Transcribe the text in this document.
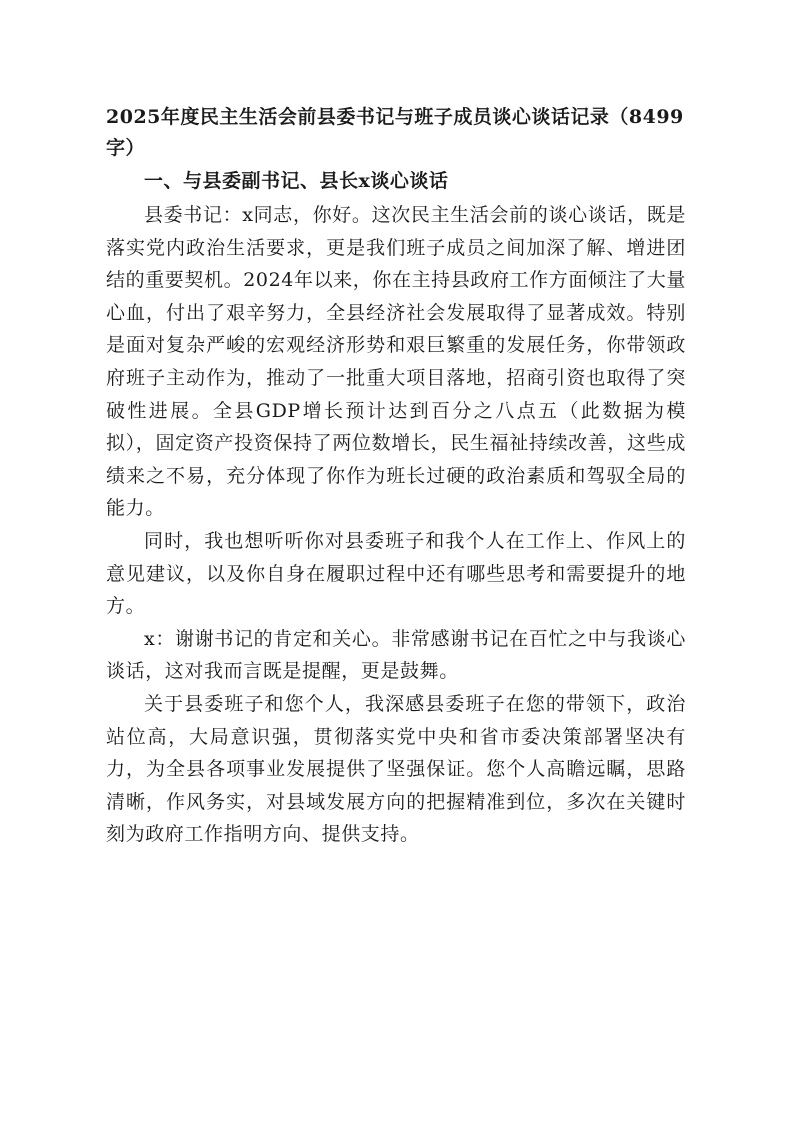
2025年度民主生活会前县委书记与班子成员谈心谈话记录（8499字）

一、与县委副书记、县长x谈心谈话

县委书记：x同志，你好。这次民主生活会前的谈心谈话，既是落实党内政治生活要求，更是我们班子成员之间加深了解、增进团结的重要契机。2024年以来，你在主持县政府工作方面倾注了大量心血，付出了艰辛努力，全县经济社会发展取得了显著成效。特别是面对复杂严峻的宏观经济形势和艰巨繁重的发展任务，你带领政府班子主动作为，推动了一批重大项目落地，招商引资也取得了突破性进展。全县GDP增长预计达到百分之八点五（此数据为模拟），固定资产投资保持了两位数增长，民生福祉持续改善，这些成绩来之不易，充分体现了你作为班长过硬的政治素质和驾驭全局的能力。

同时，我也想听听你对县委班子和我个人在工作上、作风上的意见建议，以及你自身在履职过程中还有哪些思考和需要提升的地方。

x：谢谢书记的肯定和关心。非常感谢书记在百忙之中与我谈心谈话，这对我而言既是提醒，更是鼓舞。

关于县委班子和您个人，我深感县委班子在您的带领下，政治站位高，大局意识强，贯彻落实党中央和省市委决策部署坚决有力，为全县各项事业发展提供了坚强保证。您个人高瞻远瞩，思路清晰，作风务实，对县域发展方向的把握精准到位，多次在关键时刻为政府工作指明方向、提供支持。
